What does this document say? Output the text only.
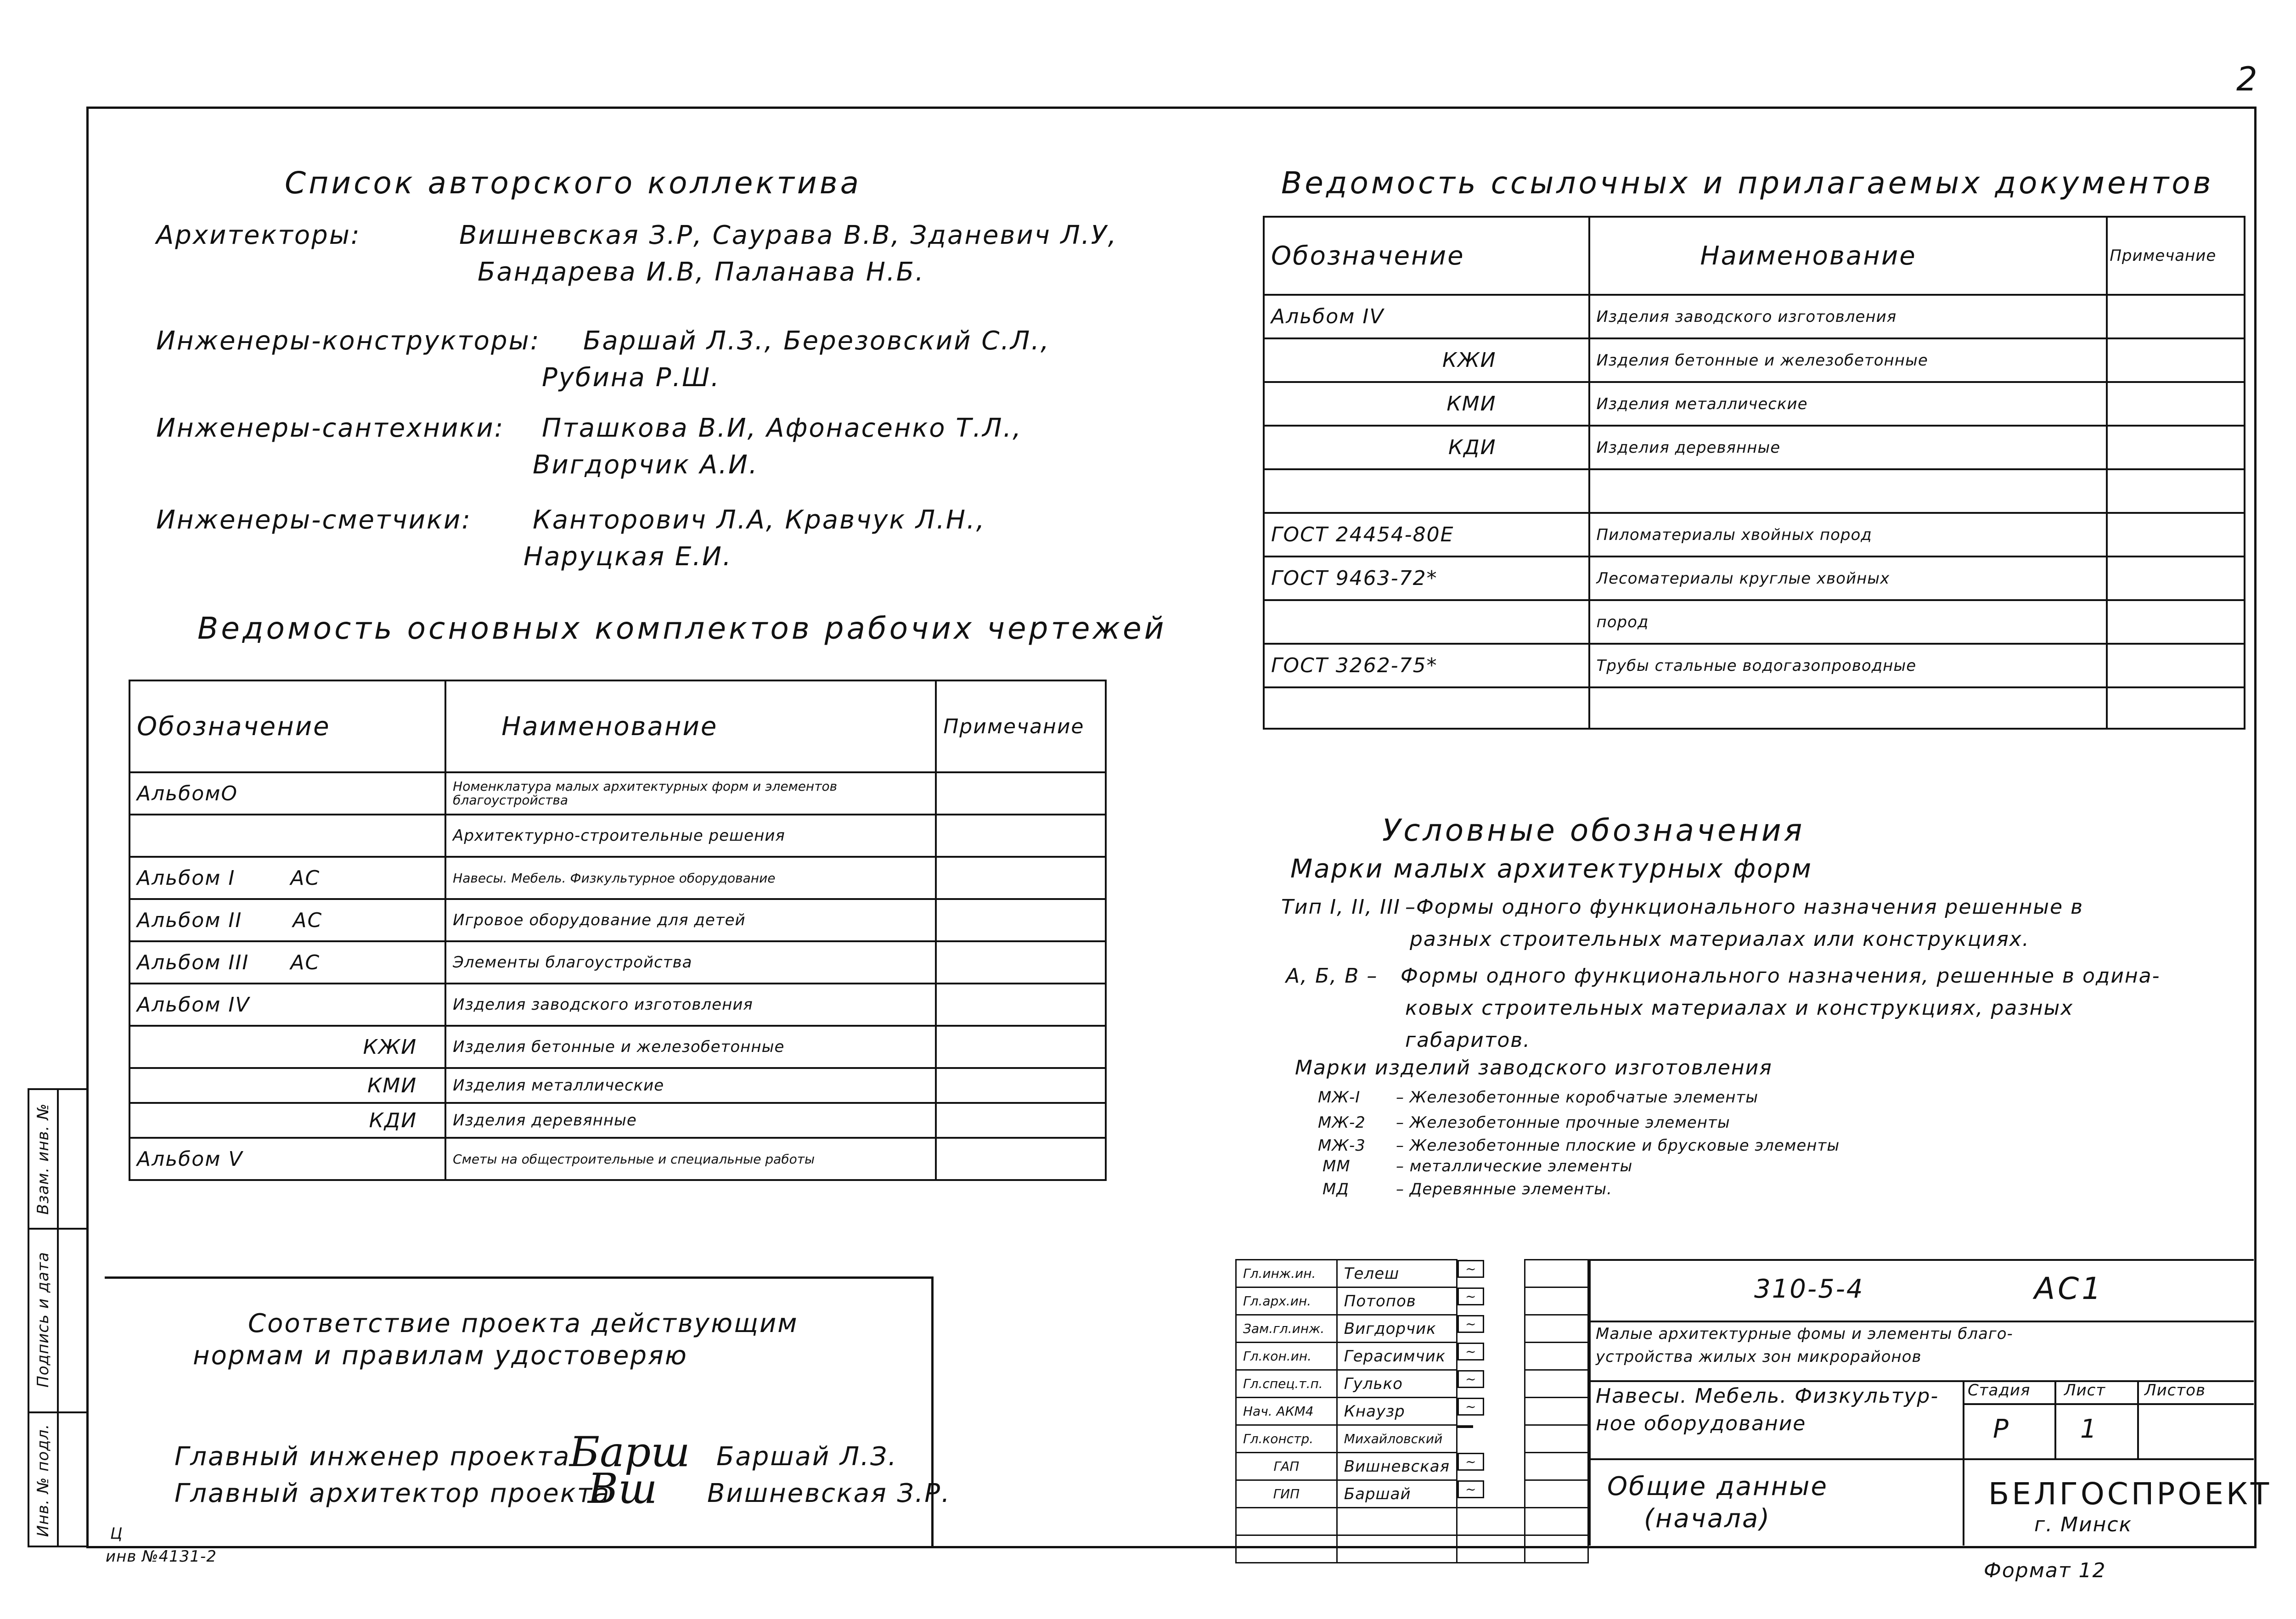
2
Список авторского коллектива
Архитекторы:	Вишневская З.Р, Саурава В.В, Зданевич Л.У,
Бандарева И.В, Паланава Н.Б.
Инженеры-конструкторы: Баршай Л.З., Березовский С.Л.,
Рубина Р.Ш.
Инженеры-сантехники: Пташкова В.И, Афонасенко Т.Л.,
Вигдорчик А.И.
Инженеры-сметчики: Канторович Л.А, Кравчук Л.Н.,
Наруцкая Е.И.
Ведомость основных комплектов рабочих чертежей
Обозначение	Наименование	Примечание
АльбомО	Номенклатура малых архитектурных форм и элементов благоустройства	
	Архитектурно-строительные решения	
Альбом I АС	Навесы. Мебель. Физкультурное оборудование	
Альбом II АС	Игровое оборудование для детей	
Альбом III АС	Элементы благоустройства	
Альбом IV	Изделия заводского изготовления	
КЖИ	Изделия бетонные и железобетонные	
КМИ	Изделия металлические	
КДИ	Изделия деревянные	
Альбом V	Сметы на общестроительные и специальные работы	
Ведомость ссылочных и прилагаемых документов
Обозначение	Наименование	Примечание
Альбом IV	Изделия заводского изготовления	
КЖИ	Изделия бетонные и железобетонные	
КМИ	Изделия металлические	
КДИ	Изделия деревянные	

ГОСТ 24454-80Е	Пиломатериалы хвойных пород	
ГОСТ 9463-72*	Лесоматериалы круглые хвойных	
	пород	
ГОСТ 3262-75*	Трубы стальные водогазопроводные	

Условные обозначения
Марки малых архитектурных форм
Тип I, II, III –Формы одного функционального назначения решенные в
разных строительных материалах или конструкциях.
А, Б, В – Формы одного функционального назначения, решенные в одина-
ковых строительных материалах и конструкциях, разных
габаритов.
Марки изделий заводского изготовления
МЖ-I – Железобетонные коробчатые элементы
МЖ-2 – Железобетонные прочные элементы
МЖ-3 – Железобетонные плоские и брусковые элементы
ММ	– металлические элементы
МД	– Деревянные элементы.
Соответствие проекта действующим
нормам и правилам удостоверяю
Главный инженер проекта
Барш Баршай Л.З.
Главный архитектор проекта
Вш Вишневская З.Р.
Инв. № подл.
Подпись и дата
Взам. инв. №
Ц
инв №4131-2
Гл.инж.ин.	Телеш		~

Гл.арх.ин.	Потопов		~

Зам.гл.инж.	Вигдорчик		~

Гл.кон.ин.	Герасимчик		~

Гл.спец.т.п.	Гулько		~

Нач. АКМ4	Кнаузр		~

Гл.констр.	Михайловский	

ГАП	Вишневская		~

ГИП	Баршай		~

310-5-4	АС1
Малые архитектурные фомы и элементы благо-
устройства жилых зон микрорайонов
Навесы. Мебель. Физкультур-
ное оборудование
Стадия Лист Листов
Р	1
Общие данные
(начала)
БЕЛГОСПРОЕКТ
г. Минск
Формат 12
